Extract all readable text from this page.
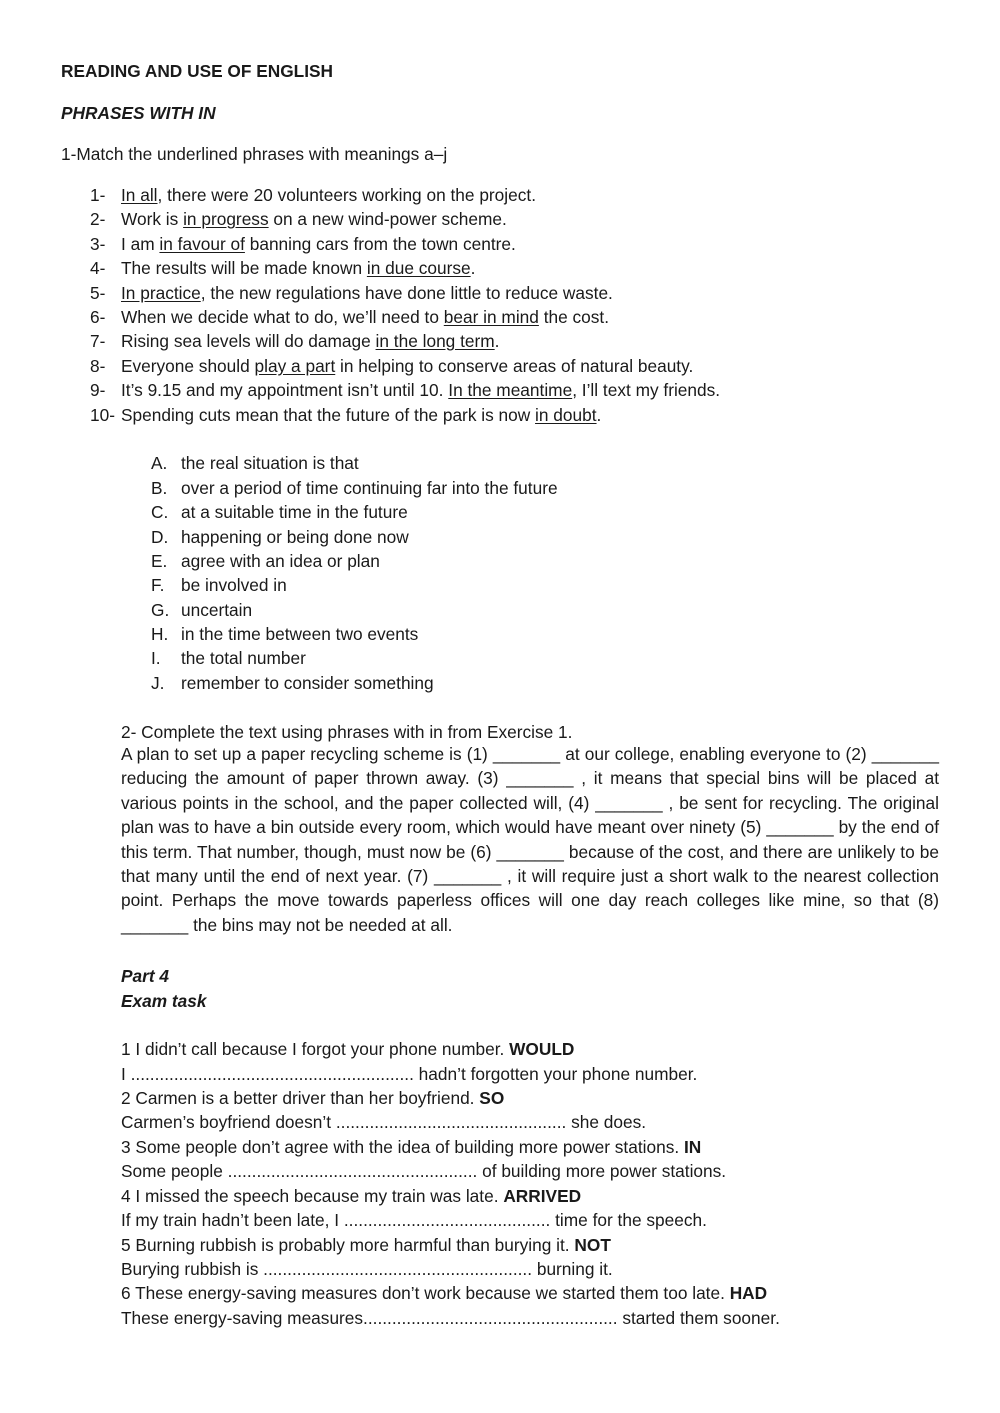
READING AND USE OF ENGLISH
PHRASES WITH IN
1-Match the underlined phrases with meanings a–j
1- In all, there were 20 volunteers working on the project.
2- Work is in progress on a new wind-power scheme.
3- I am in favour of banning cars from the town centre.
4- The results will be made known in due course.
5- In practice, the new regulations have done little to reduce waste.
6- When we decide what to do, we’ll need to bear in mind the cost.
7- Rising sea levels will do damage in the long term.
8- Everyone should play a part in helping to conserve areas of natural beauty.
9- It’s 9.15 and my appointment isn’t until 10. In the meantime, I’ll text my friends.
10- Spending cuts mean that the future of the park is now in doubt.
A. the real situation is that
B. over a period of time continuing far into the future
C. at a suitable time in the future
D. happening or being done now
E. agree with an idea or plan
F. be involved in
G. uncertain
H. in the time between two events
I. the total number
J. remember to consider something
2- Complete the text using phrases with in from Exercise 1.
A plan to set up a paper recycling scheme is (1) _______ at our college, enabling everyone to (2) _______ reducing the amount of paper thrown away. (3) _______ , it means that special bins will be placed at various points in the school, and the paper collected will, (4) _______ , be sent for recycling. The original plan was to have a bin outside every room, which would have meant over ninety (5) _______ by the end of this term. That number, though, must now be (6) _______ because of the cost, and there are unlikely to be that many until the end of next year. (7) _______ , it will require just a short walk to the nearest collection point. Perhaps the move towards paperless offices will one day reach colleges like mine, so that (8) _______ the bins may not be needed at all.
Part 4
Exam task
1 I didn’t call because I forgot your phone number. WOULD
I ........................................................... hadn’t forgotten your phone number.
2 Carmen is a better driver than her boyfriend. SO
Carmen’s boyfriend doesn’t ................................................ she does.
3 Some people don’t agree with the idea of building more power stations. IN
Some people .................................................... of building more power stations.
4 I missed the speech because my train was late. ARRIVED
If my train hadn’t been late, I ........................................... time for the speech.
5 Burning rubbish is probably more harmful than burying it. NOT
Burying rubbish is ........................................................ burning it.
6 These energy-saving measures don’t work because we started them too late. HAD
These energy-saving measures..................................................... started them sooner.
